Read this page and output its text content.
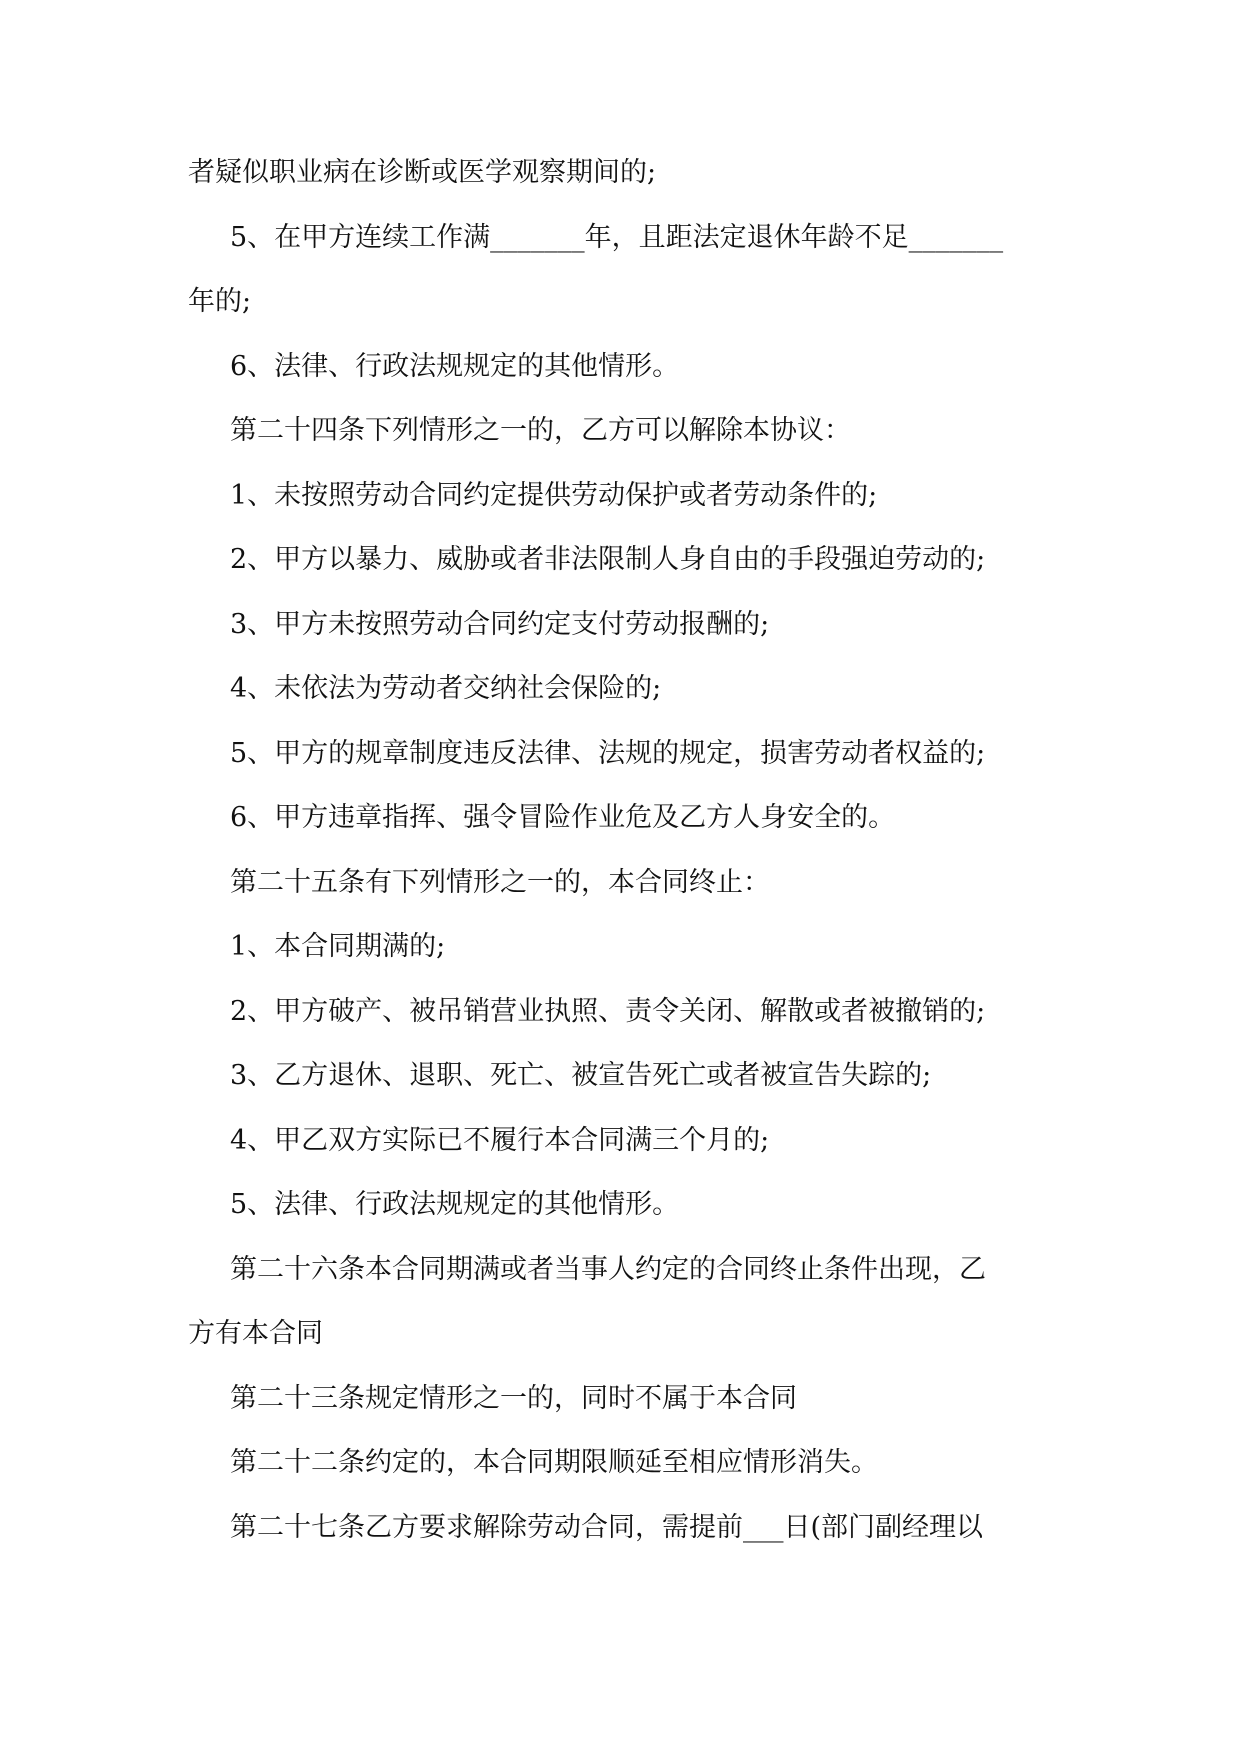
者疑似职业病在诊断或医学观察期间的;
5、在甲方连续工作满_______年，且距法定退休年龄不足_______
年的;
6、法律、行政法规规定的其他情形。
第二十四条下列情形之一的，乙方可以解除本协议：
1、未按照劳动合同约定提供劳动保护或者劳动条件的;
2、甲方以暴力、威胁或者非法限制人身自由的手段强迫劳动的;
3、甲方未按照劳动合同约定支付劳动报酬的;
4、未依法为劳动者交纳社会保险的;
5、甲方的规章制度违反法律、法规的规定，损害劳动者权益的;
6、甲方违章指挥、强令冒险作业危及乙方人身安全的。
第二十五条有下列情形之一的，本合同终止：
1、本合同期满的;
2、甲方破产、被吊销营业执照、责令关闭、解散或者被撤销的;
3、乙方退休、退职、死亡、被宣告死亡或者被宣告失踪的;
4、甲乙双方实际已不履行本合同满三个月的;
5、法律、行政法规规定的其他情形。
第二十六条本合同期满或者当事人约定的合同终止条件出现，乙
方有本合同
第二十三条规定情形之一的，同时不属于本合同
第二十二条约定的，本合同期限顺延至相应情形消失。
第二十七条乙方要求解除劳动合同，需提前___日(部门副经理以
